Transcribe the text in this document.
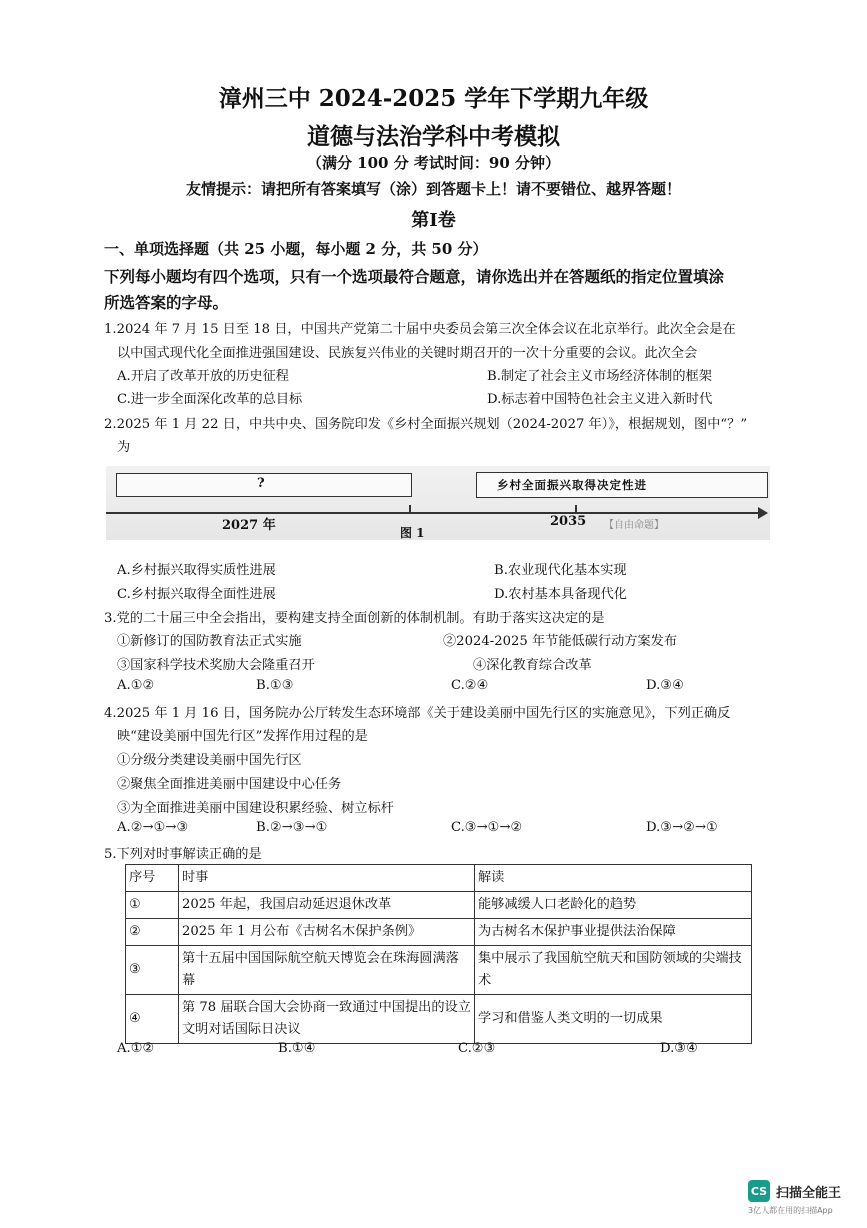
漳州三中 2024-2025 学年下学期九年级
道德与法治学科中考模拟
（满分 100 分 考试时间：90 分钟）
友情提示：请把所有答案填写（涂）到答题卡上！请不要错位、越界答题！
第Ⅰ卷
一、单项选择题（共 25 小题，每小题 2 分，共 50 分）
下列每小题均有四个选项，只有一个选项最符合题意，请你选出并在答题纸的指定位置填涂
所选答案的字母。
1.2024 年 7 月 15 日至 18 日，中国共产党第二十届中央委员会第三次全体会议在北京举行。此次全会是在
以中国式现代化全面推进强国建设、民族复兴伟业的关键时期召开的一次十分重要的会议。此次全会
A.开启了改革开放的历史征程	B.制定了社会主义市场经济体制的框架
C.进一步全面深化改革的总目标	D.标志着中国特色社会主义进入新时代
2.2025 年 1 月 22 日，中共中央、国务院印发《乡村全面振兴规划（2024-2027 年）》，根据规划，图中“？”
为
?	乡村全面振兴取得决定性进
2027 年	2035
图 1
【自由命题】
A.乡村振兴取得实质性进展	B.农业现代化基本实现
C.乡村振兴取得全面性进展	D.农村基本具备现代化
3.党的二十届三中全会指出，要构建支持全面创新的体制机制。有助于落实这决定的是
①新修订的国防教育法正式实施	②2024-2025 年节能低碳行动方案发布
③国家科学技术奖励大会隆重召开	④深化教育综合改革
A.①②	B.①③	C.②④	D.③④
4.2025 年 1 月 16 日，国务院办公厅转发生态环境部《关于建设美丽中国先行区的实施意见》，下列正确反
映“建设美丽中国先行区”发挥作用过程的是
①分级分类建设美丽中国先行区
②聚焦全面推进美丽中国建设中心任务
③为全面推进美丽中国建设积累经验、树立标杆
A.②→①→③	B.②→③→①	C.③→①→②	D.③→②→①
5.下列对时事解读正确的是
序号	时事	解读
①	2025 年起，我国启动延迟退休改革	能够减缓人口老龄化的趋势
②	2025 年 1 月公布《古树名木保护条例》	为古树名木保护事业提供法治保障
③	第十五届中国国际航空航天博览会在珠海圆满落幕	集中展示了我国航空航天和国防领域的尖端技术
④	第 78 届联合国大会协商一致通过中国提出的设立文明对话国际日决议	学习和借鉴人类文明的一切成果
A.①②	B.①④	C.②③	D.③④
CS 扫描全能王
3亿人都在用的扫描App
